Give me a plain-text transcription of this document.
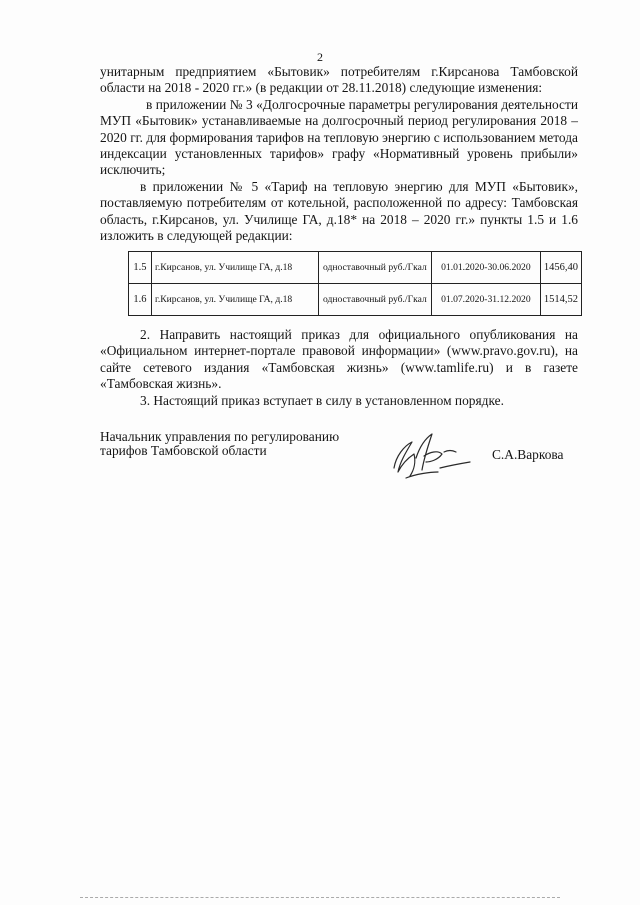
2

унитарным предприятием «Бытовик» потребителям г.Кирсанова Тамбовской области на 2018 - 2020 гг.» (в редакции от 28.11.2018) следующие изменения:

в приложении № 3 «Долгосрочные параметры регулирования деятельности МУП «Бытовик» устанавливаемые на долгосрочный период регулирования 2018 – 2020 гг. для формирования тарифов на тепловую энергию с использованием метода индексации установленных тарифов» графу «Нормативный уровень прибыли» исключить;

в приложении № 5 «Тариф на тепловую энергию для МУП «Бытовик», поставляемую потребителям от котельной, расположенной по адресу: Тамбовская область, г.Кирсанов, ул. Училище ГА, д.18* на 2018 – 2020 гг.» пункты 1.5 и 1.6 изложить в следующей редакции:

1.5	г.Кирсанов, ул. Училище ГА, д.18	одноставочный руб./Гкал	01.01.2020-30.06.2020	1456,40
1.6	г.Кирсанов, ул. Училище ГА, д.18	одноставочный руб./Гкал	01.07.2020-31.12.2020	1514,52

2. Направить настоящий приказ для официального опубликования на «Официальном интернет-портале правовой информации» (www.pravo.gov.ru), на сайте сетевого издания «Тамбовская жизнь» (www.tamlife.ru) и в газете «Тамбовская жизнь».

3. Настоящий приказ вступает в силу в установленном порядке.

Начальник управления по регулированию
тарифов Тамбовской области	С.А.Варкова
